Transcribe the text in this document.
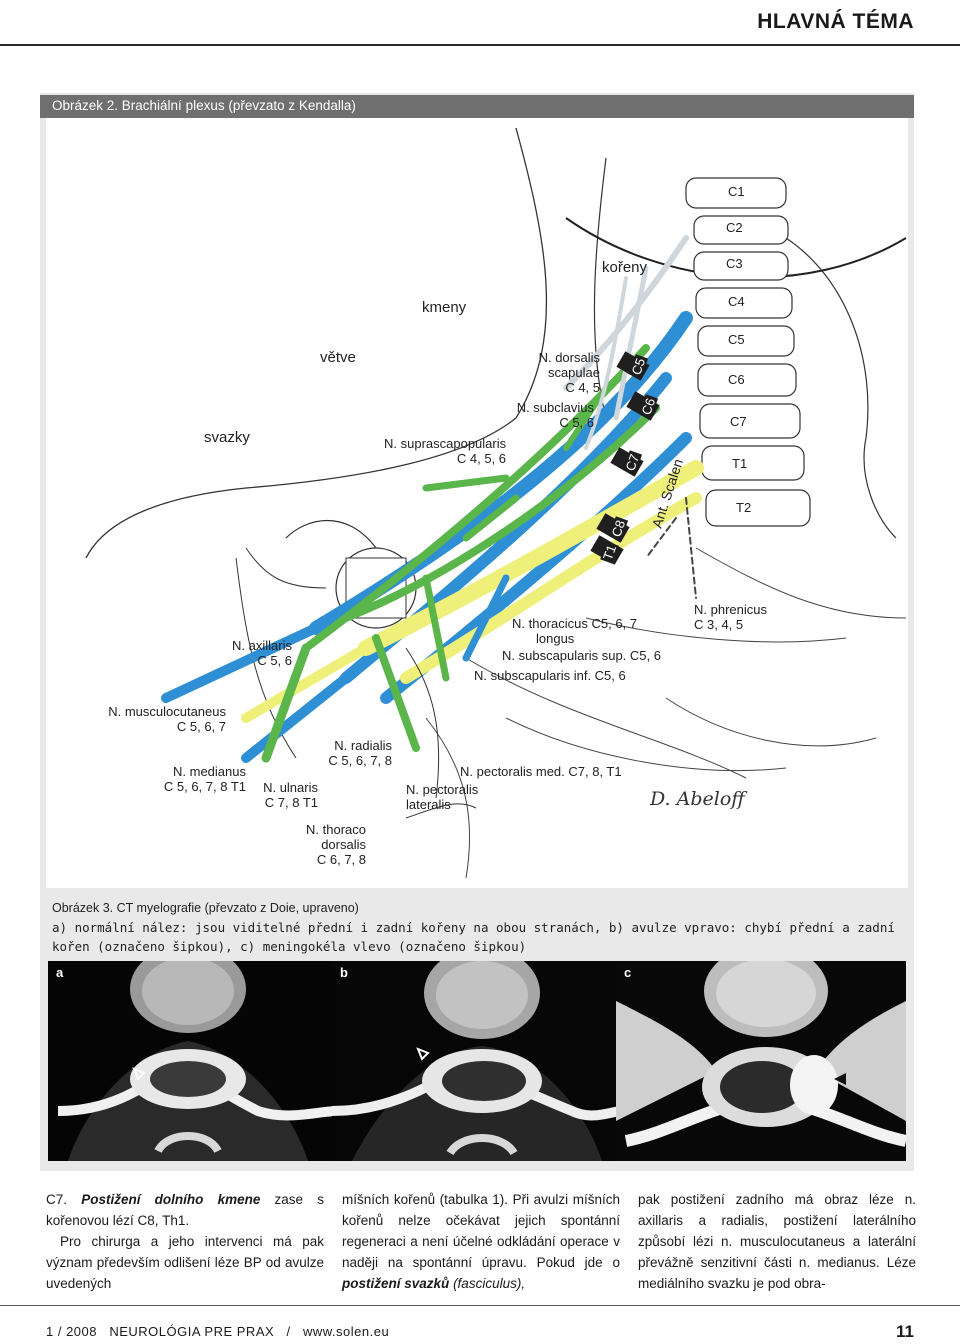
HLAVNÁ TÉMA
Obrázek 2. Brachiální plexus (převzato z Kendalla)
svazky
větve
kmeny
kořeny
C1
C2
C3
C4
C5
C6
C7
T1
T2
C5
C6
C7
C8
T1
Ant. Scalen
N. dorsalis
scapulae
C 4, 5
N. subclavius
C 5, 6
N. suprascapopularis
C 4, 5, 6
N. thoracicus C5, 6, 7
longus
N. subscapularis sup. C5, 6
N. subscapularis inf. C5, 6
N. phrenicus
C 3, 4, 5
N. axillaris
C 5, 6
N. musculocutaneus
C 5, 6, 7
N. medianus
C 5, 6, 7, 8 T1	N. ulnaris
C 7, 8 T1
N. radialis
C 5, 6, 7, 8
N. pectoralis
lateralis
N. pectoralis med. C7, 8, T1
N. thoraco
dorsalis
C 6, 7, 8
D. Abeloff
Obrázek 3. CT myelografie (převzato z Doie, upraveno)
a) normální nález: jsou viditelné přední i zadní kořeny na obou stranách, b) avulze vpravo: chybí přední a zadní kořen (označeno šipkou), c) meningokéla vlevo (označeno šipkou)
a	b	c
C7. Postižení dolního kmene zase s kořenovou lézí C8, Th1.
Pro chirurga a jeho intervenci má pak význam především odlišení léze BP od avulze uvedených
míšních kořenů (tabulka 1). Při avulzi míšních kořenů nelze očekávat jejich spontánní regeneraci a není účelné odkládání operace v naději na spontánní úpravu. Pokud jde o postižení svazků (fasciculus),
pak postižení zadního má obraz léze n. axillaris a radialis, postižení laterálního způsobí lézi n. musculocutaneus a laterální převážně senzitivní části n. medianus. Léze mediálního svazku je pod obra-
1 / 2008 NEUROLÓGIA PRE PRAX / www.solen.eu	11
